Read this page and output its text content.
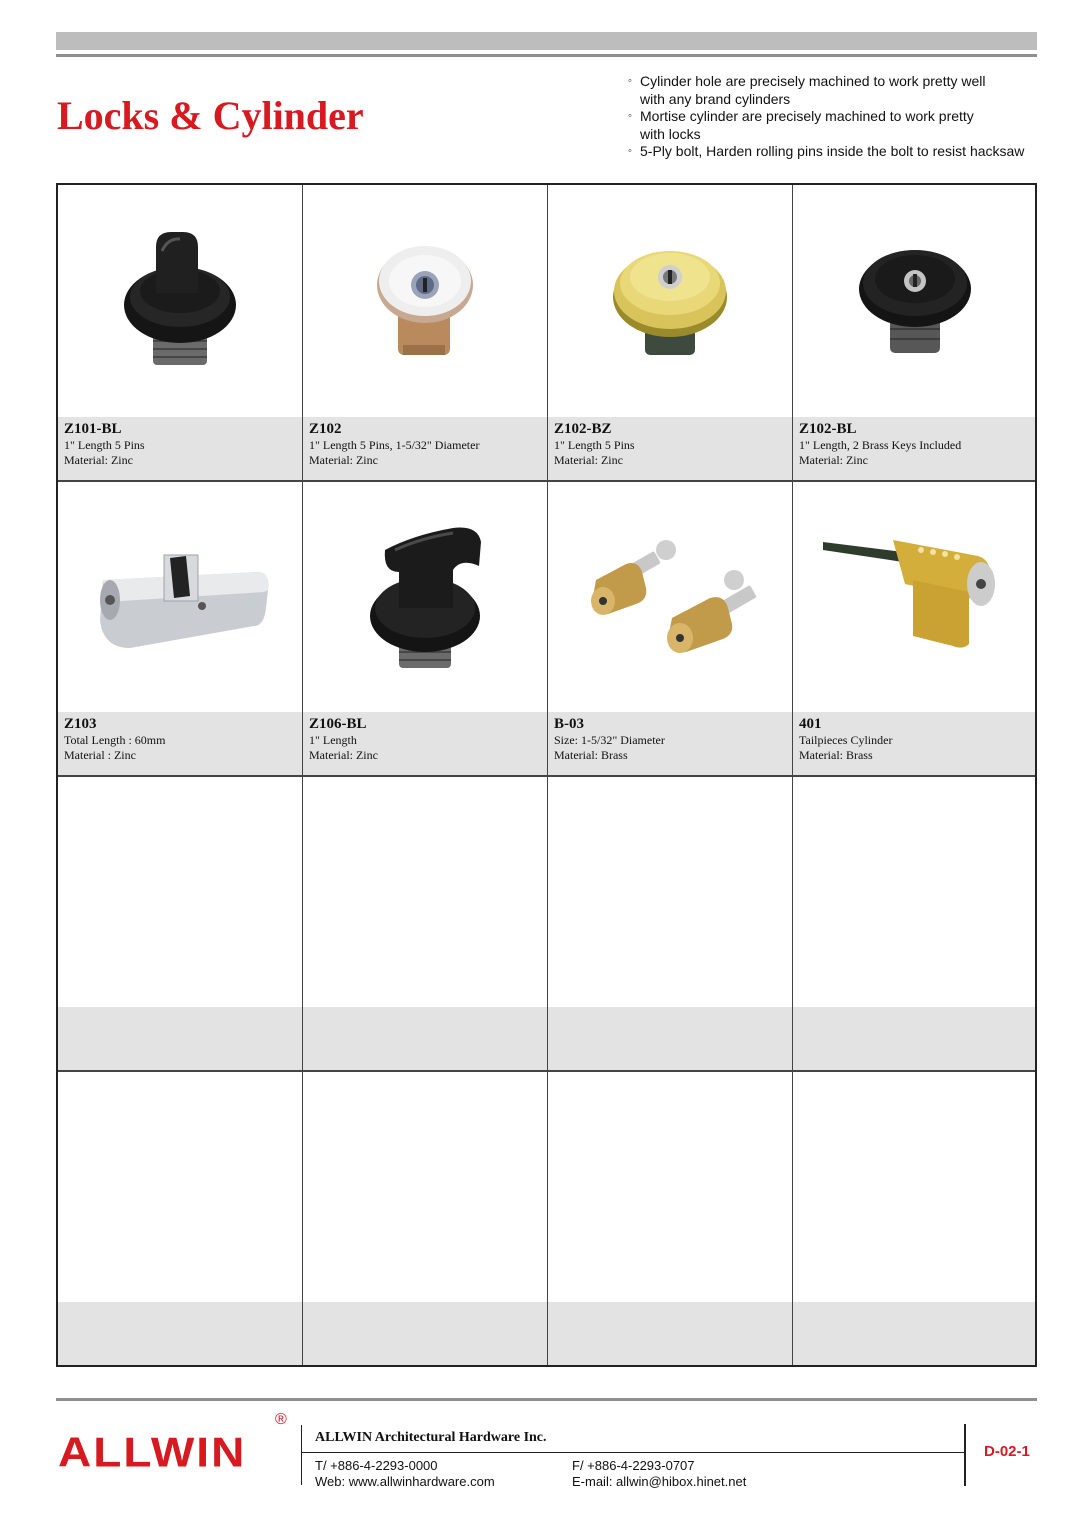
Locks & Cylinder
◦ Cylinder hole are precisely machined to work pretty well
with any brand cylinders
◦ Mortise cylinder are precisely machined to work pretty
with locks
◦ 5-Ply bolt, Harden rolling pins inside the bolt to resist hacksaw
Z101-BL
1" Length 5 Pins
Material: Zinc
Z102
1" Length 5 Pins, 1-5/32" Diameter
Material: Zinc
Z102-BZ
1" Length 5 Pins
Material: Zinc
Z102-BL
1" Length, 2 Brass Keys Included
Material: Zinc
Z103
Total Length : 60mm
Material : Zinc
Z106-BL
1" Length
Material: Zinc
B-03
Size: 1-5/32" Diameter
Material: Brass
401
Tailpieces Cylinder
Material: Brass
ALLWIN
®
ALLWIN Architectural Hardware Inc.
T/ +886-4-2293-0000
Web: www.allwinhardware.com
F/ +886-4-2293-0707
E-mail: allwin@hibox.hinet.net
D-02-1
